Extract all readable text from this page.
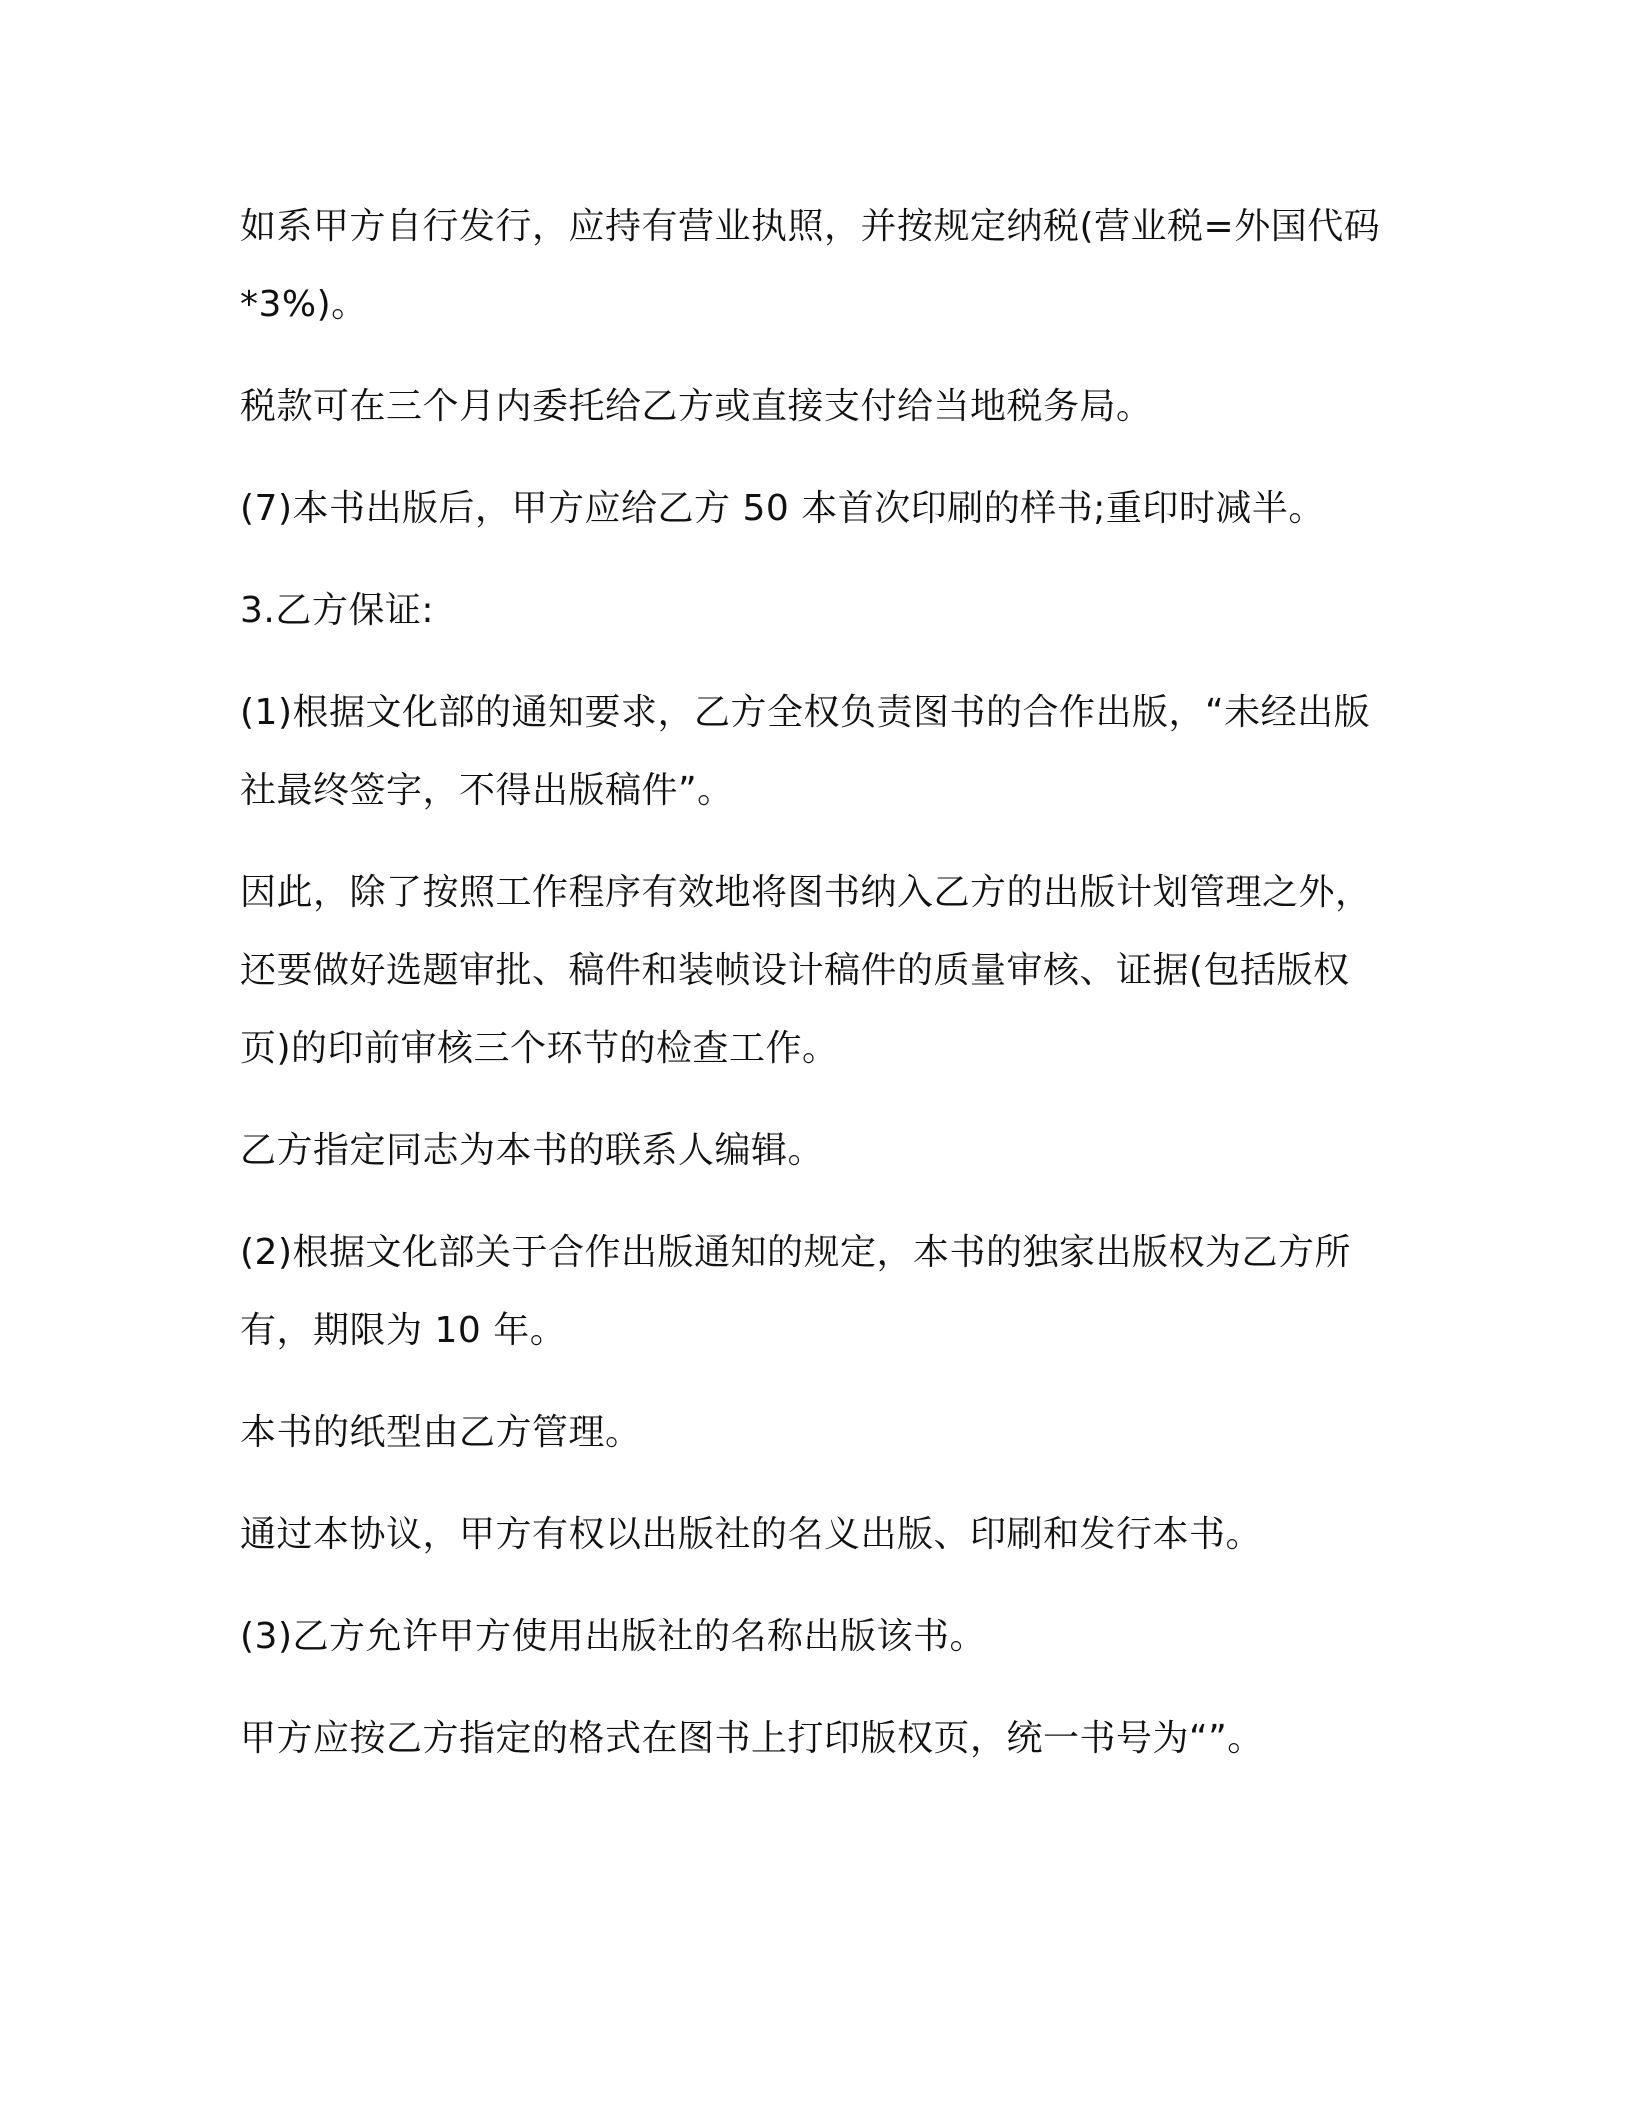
如系甲方自行发行，应持有营业执照，并按规定纳税(营业税=外国代码*3%)。

税款可在三个月内委托给乙方或直接支付给当地税务局。

(7)本书出版后，甲方应给乙方 50 本首次印刷的样书;重印时减半。

3.乙方保证:

(1)根据文化部的通知要求，乙方全权负责图书的合作出版，“未经出版社最终签字，不得出版稿件”。

因此，除了按照工作程序有效地将图书纳入乙方的出版计划管理之外，还要做好选题审批、稿件和装帧设计稿件的质量审核、证据(包括版权页)的印前审核三个环节的检查工作。

乙方指定同志为本书的联系人编辑。

(2)根据文化部关于合作出版通知的规定，本书的独家出版权为乙方所有，期限为 10 年。

本书的纸型由乙方管理。

通过本协议，甲方有权以出版社的名义出版、印刷和发行本书。

(3)乙方允许甲方使用出版社的名称出版该书。

甲方应按乙方指定的格式在图书上打印版权页，统一书号为“”。
